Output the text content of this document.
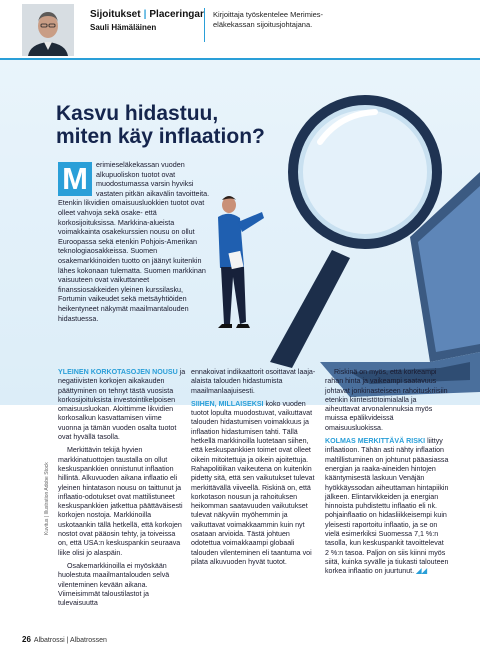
Sijoitukset | Placeringar
Sauli Hämäläinen
Kirjoittaja työskentelee Merimies-eläkekassan sijoitusjohtajana.
Kasvu hidastuu,
miten käy inflaation?
M	erimieseläkekassan vuoden alkupuoliskon tuotot ovat muodostumassa varsin hyviksi vastaten pitkän aikavälin tavoitteita. Etenkin likvidien omaisuusluokkien tuotot ovat olleet vahvoja sekä osake- että korkosijoituksissa. Markkina-alueista voimakkainta osakekurssien nousu on ollut Euroopassa sekä etenkin Pohjois-Amerikan teknologiaosakkeissa. Suomen osakemarkkinoiden tuotto on jäänyt kuitenkin lähes kokonaan tulematta. Suomen markkinan vaisuuteen ovat vaikuttaneet finanssiosakkeiden yleinen kurssilasku, Fortumin vaikeudet sekä metsäyhtiöiden heikentyneet näkymät maailmantalouden hidastuessa.

YLEINEN KORKOTASOJEN NOUSU ja negatiivisten korkojen aikakauden päättyminen on tehnyt tästä vuosista korkosijoituksista investointikelpoisen omaisuusluokan. Aloittimme likvidien korkosalkun kasvattamisen viime vuonna ja tämän vuoden osalta tuotot ovat hyvällä tasolla.

Merkittävin tekijä hyvien markkinatuottojen taustalla on ollut keskuspankkien onnistunut inflaation hillintä. Alkuvuoden aikana inflaatio eli yleinen hintatason nousu on taittunut ja inflaatio-odotukset ovat mattilistuneet keskuspankkien jatkettua päättäväisesti korkojen nostoja. Markkinoilla uskotaankin tällä hetkellä, että korkojen nostot ovat pääosin tehty, ja toiveissa on, että USA:n keskuspankin seuraava liike olisi jo alaspäin.

Osakemarkkinoilla ei myöskään huolestuta maailmantalouden selvä vilenteminen kevään aikana. Viimeisimmät taloustilastot ja tulevaisuutta

ennakoivat indikaattorit osoittavat laaja-alaista talouden hidastumista maailmanlaajuisesti.

SIIHEN, MILLAISEKSI koko vuoden tuotot lopulta muodostuvat, vaikuttavat talouden hidastumisen voimakkuus ja inflaation hidastumisen tahti. Tällä hetkellä markkinoilla luotetaan siihen, että keskuspankkien toimet ovat olleet oikein mitoitettuja ja oikein ajoitettuja. Rahapolitiikan vaikeutena on kuitenkin pidetty sitä, että sen vaikutukset tulevat merkittävällä viiveellä. Riskinä on, että korkotason nousun ja rahoituksen heikomman saatavuuden vaikutukset tulevat näkyviin myöhemmin ja vaikuttavat voimakkaammin kuin nyt osataan arvioida. Tästä johtuen odotettua voimakkaampi globaali talouden vilenteminen eli taantuma voi pilata alkuvuoden hyvät tuotot.

Riskinä on myös, että korkeampi rahan hinta ja vaikeampi saatavuus johtavat jonkinasteiseen rahoituskriisiin etenkin kiinteistötoimialalla ja aiheuttavat arvonalennuksia myös muissa epälikvideissä omaisuusluokissa.

KOLMAS MERKITTÄVÄ RISKI liittyy inflaatioon. Tähän asti nähty inflaation maltillistuminen on johtunut pääasiassa energian ja raaka-aineiden hintojen kääntymisestä laskuun Venäjän hyökkäyssodan aiheuttaman hintapiikin jälkeen. Elintarvikkeiden ja energian hinnoista puhdistettu inflaatio eli nk. pohjainflaatio on hidasliikkeisempi kuin yleisesti raportoitu inflaatio, ja se on vielä esimerkiksi Suomessa 7,1 %:n tasolla, kun keskuspankit tavoittelevat 2 %:n tasoa. Paljon on siis kiinni myös siitä, kuinka syvälle ja tiukasti talouteen korkea inflaatio on juurtunut. ◢◢

Kuvitus | Illustration Adobe Stock
26 Albatrossi | Albatrossen
